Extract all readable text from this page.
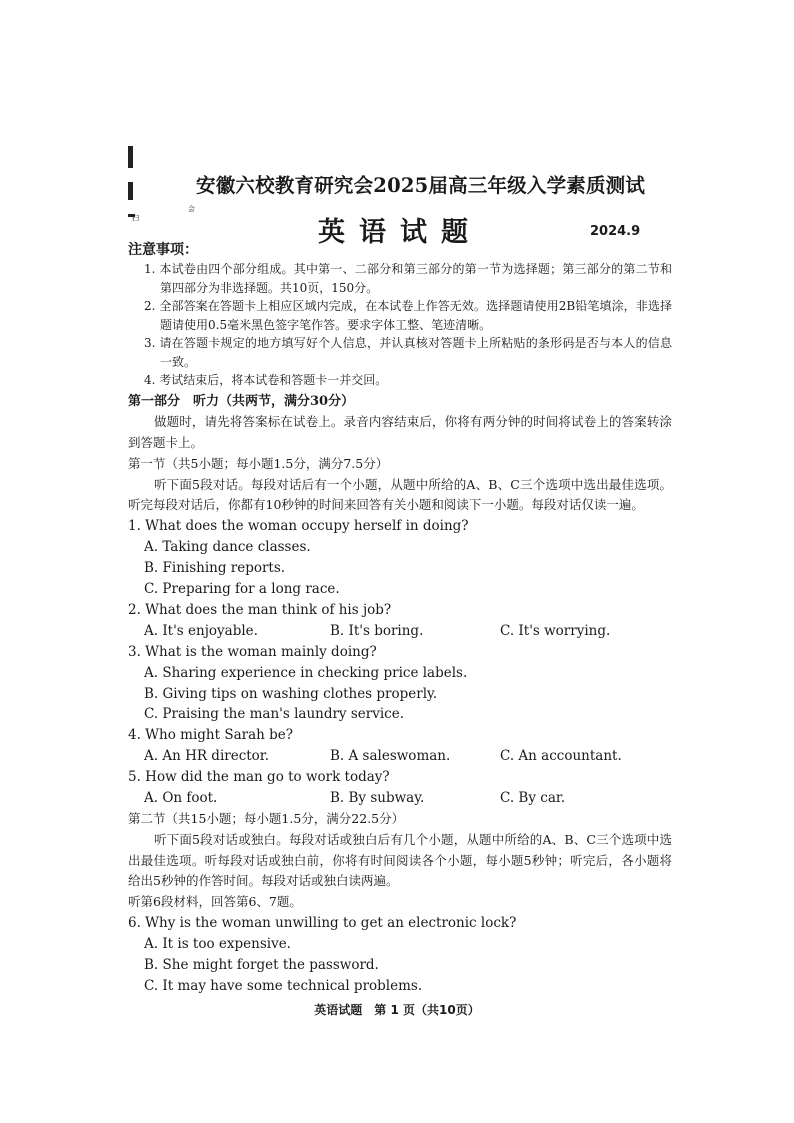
扫
会
安徽六校教育研究会2025届高三年级入学素质测试
英语试题	2024.9
注意事项：
1. 本试卷由四个部分组成。其中第一、二部分和第三部分的第一节为选择题；第三部分的第二节和第四部分为非选择题。共10页，150分。
2. 全部答案在答题卡上相应区域内完成，在本试卷上作答无效。选择题请使用2B铅笔填涂，非选择题请使用0.5毫米黑色签字笔作答。要求字体工整、笔迹清晰。
3. 请在答题卡规定的地方填写好个人信息，并认真核对答题卡上所粘贴的条形码是否与本人的信息一致。
4. 考试结束后，将本试卷和答题卡一并交回。
第一部分　听力（共两节，满分30分）
做题时，请先将答案标在试卷上。录音内容结束后，你将有两分钟的时间将试卷上的答案转涂到答题卡上。
第一节（共5小题；每小题1.5分，满分7.5分）
听下面5段对话。每段对话后有一个小题，从题中所给的A、B、C三个选项中选出最佳选项。听完每段对话后，你都有10秒钟的时间来回答有关小题和阅读下一小题。每段对话仅读一遍。
1. What does the woman occupy herself in doing?
A. Taking dance classes.
B. Finishing reports.
C. Preparing for a long race.
2. What does the man think of his job?
A. It's enjoyable.	B. It's boring.	C. It's worrying.
3. What is the woman mainly doing?
A. Sharing experience in checking price labels.
B. Giving tips on washing clothes properly.
C. Praising the man's laundry service.
4. Who might Sarah be?
A. An HR director.	B. A saleswoman.	C. An accountant.
5. How did the man go to work today?
A. On foot.	B. By subway.	C. By car.
第二节（共15小题；每小题1.5分，满分22.5分）
听下面5段对话或独白。每段对话或独白后有几个小题，从题中所给的A、B、C三个选项中选出最佳选项。听每段对话或独白前，你将有时间阅读各个小题，每小题5秒钟；听完后，各小题将给出5秒钟的作答时间。每段对话或独白读两遍。
听第6段材料，回答第6、7题。
6. Why is the woman unwilling to get an electronic lock?
A. It is too expensive.
B. She might forget the password.
C. It may have some technical problems.
英语试题　第 1 页（共10页）
